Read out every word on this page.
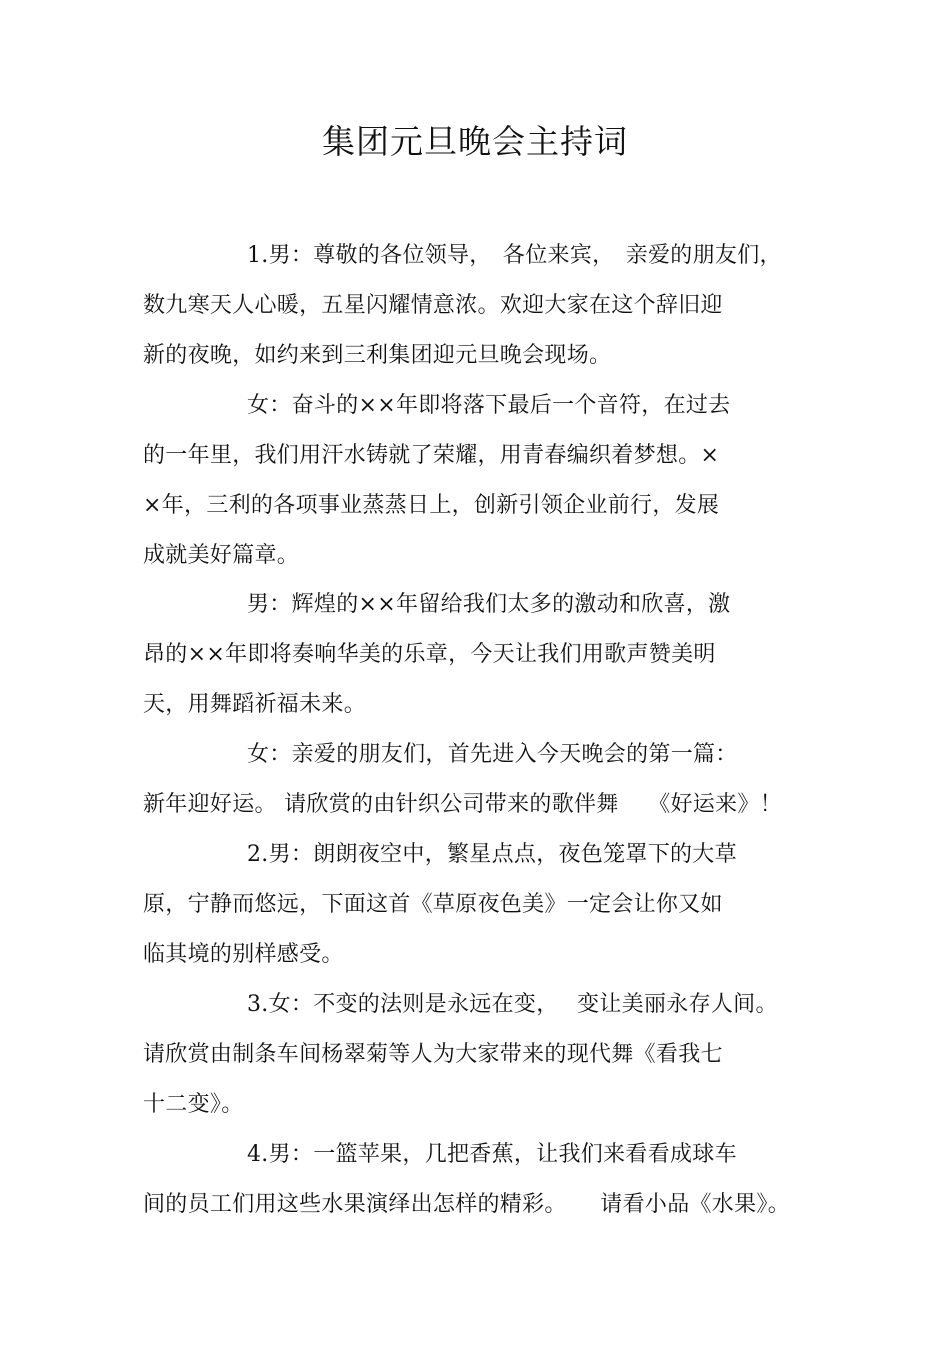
集团元旦晚会主持词
1.男：尊敬的各位领导，　各位来宾，　亲爱的朋友们，
数九寒天人心暖，五星闪耀情意浓。欢迎大家在这个辞旧迎
新的夜晚，如约来到三利集团迎元旦晚会现场。
女：奋斗的××年即将落下最后一个音符，在过去
的一年里，我们用汗水铸就了荣耀，用青春编织着梦想。×
×年，三利的各项事业蒸蒸日上，创新引领企业前行，发展
成就美好篇章。
男：辉煌的××年留给我们太多的激动和欣喜，激
昂的××年即将奏响华美的乐章，今天让我们用歌声赞美明
天，用舞蹈祈福未来。
女：亲爱的朋友们，首先进入今天晚会的第一篇：
新年迎好运。 请欣赏的由针织公司带来的歌伴舞　 《好运来》！
2.男：朗朗夜空中，繁星点点，夜色笼罩下的大草
原，宁静而悠远，下面这首《草原夜色美》一定会让你又如
临其境的别样感受。
3.女：不变的法则是永远在变，　 变让美丽永存人间。
请欣赏由制条车间杨翠菊等人为大家带来的现代舞《看我七
十二变》。
4.男：一篮苹果，几把香蕉，让我们来看看成球车
间的员工们用这些水果演绎出怎样的精彩。　　请看小品《水果》。
